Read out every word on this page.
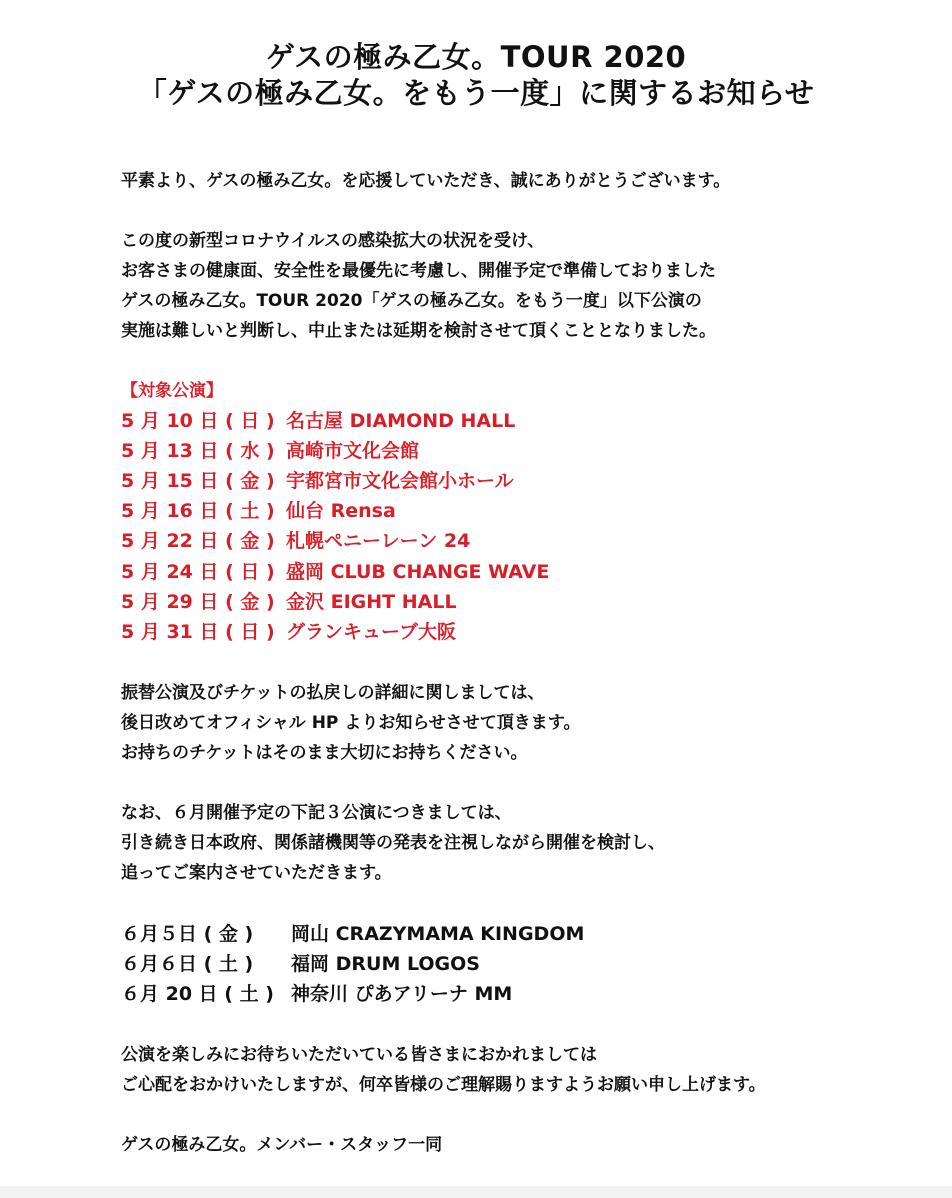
ゲスの極み乙女。TOUR 2020
「ゲスの極み乙女。をもう一度」に関するお知らせ
平素より、ゲスの極み乙女。を応援していただき、誠にありがとうございます。
この度の新型コロナウイルスの感染拡大の状況を受け、
お客さまの健康面、安全性を最優先に考慮し、開催予定で準備しておりました
ゲスの極み乙女。TOUR 2020「ゲスの極み乙女。をもう一度」以下公演の
実施は難しいと判断し、中止または延期を検討させて頂くこととなりました。
【対象公演】
5 月 10 日 ( 日 ) 名古屋 DIAMOND HALL
5 月 13 日 ( 水 ) 高崎市文化会館
5 月 15 日 ( 金 ) 宇都宮市文化会館小ホール
5 月 16 日 ( 土 ) 仙台 Rensa
5 月 22 日 ( 金 ) 札幌ペニーレーン 24
5 月 24 日 ( 日 ) 盛岡 CLUB CHANGE WAVE
5 月 29 日 ( 金 ) 金沢 EIGHT HALL
5 月 31 日 ( 日 ) グランキューブ大阪
振替公演及びチケットの払戻しの詳細に関しましては、
後日改めてオフィシャル HP よりお知らせさせて頂きます。
お持ちのチケットはそのまま大切にお持ちください。
なお、６月開催予定の下記３公演につきましては、
引き続き日本政府、関係諸機関等の発表を注視しながら開催を検討し、
追ってご案内させていただきます。
６月５日 ( 金 ) 岡山 CRAZYMAMA KINGDOM
６月６日 ( 土 ) 福岡 DRUM LOGOS
６月 20 日 ( 土 ) 神奈川 ぴあアリーナ MM
公演を楽しみにお待ちいただいている皆さまにおかれましては
ご心配をおかけいたしますが、何卒皆様のご理解賜りますようお願い申し上げます。
ゲスの極み乙女。メンバー・スタッフ一同
